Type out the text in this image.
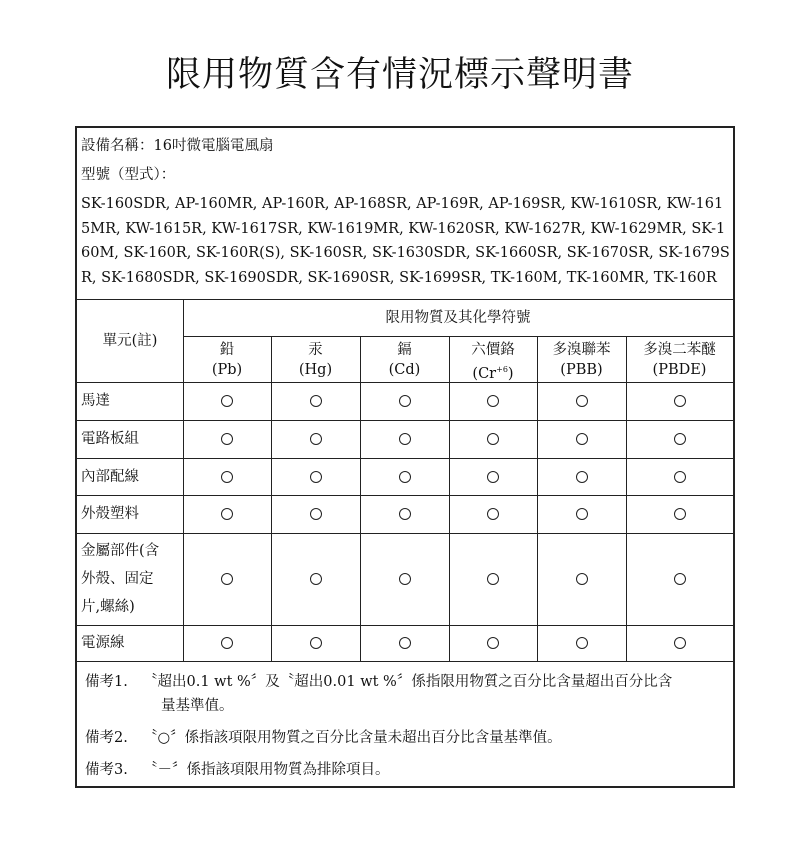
限用物質含有情況標示聲明書
設備名稱：16吋微電腦電風扇
型號（型式）：
SK-160SDR, AP-160MR, AP-160R, AP-168SR, AP-169R, AP-169SR, KW-1610SR, KW-1615MR, KW-1615R, KW-1617SR, KW-1619MR, KW-1620SR, KW-1627R, KW-1629MR, SK-160M, SK-160R, SK-160R(S), SK-160SR, SK-1630SDR, SK-1660SR, SK-1670SR, SK-1679SR, SK-1680SDR, SK-1690SDR, SK-1690SR, SK-1699SR, TK-160M, TK-160MR, TK-160R
單元(註)
限用物質及其化學符號
鉛
(Pb)
汞
(Hg)
鎘
(Cd)
六價鉻
$(Cr^{+6})$
多溴聯苯
(PBB)
多溴二苯醚
(PBDE)
馬達
電路板組
內部配線
外殼塑料
金屬部件(含
外殼、固定
片,螺絲)
電源線
備考1. 〝超出0.1 wt %〞及〝超出0.01 wt %〞係指限用物質之百分比含量超出百分比含
量基準值。
備考2. 〝○〞係指該項限用物質之百分比含量未超出百分比含量基準值。
備考3. 〝－〞係指該項限用物質為排除項目。
